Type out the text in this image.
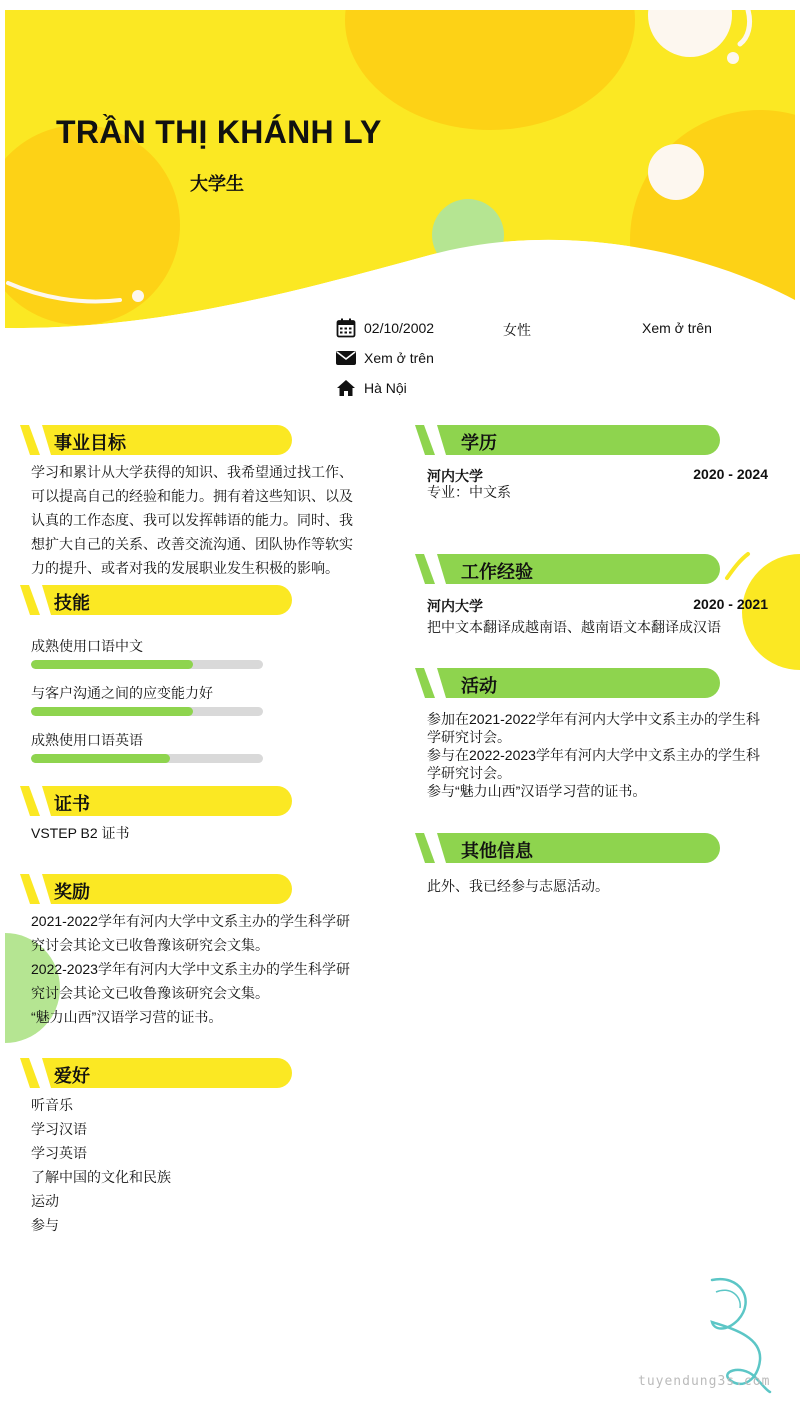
TRẦN THỊ KHÁNH LY
大学生
02/10/2002	女性	Xem ở trên
Xem ở trên
Hà Nội
事业目标
学习和累计从大学获得的知识、我希望通过找工作、
可以提高自己的经验和能力。拥有着这些知识、以及
认真的工作态度、我可以发挥韩语的能力。同时、我
想扩大自己的关系、改善交流沟通、团队协作等软实
力的提升、或者对我的发展职业发生积极的影响。
技能
成熟使用口语中文
与客户沟通之间的应变能力好
成熟使用口语英语
证书
VSTEP B2 证书
奖励
2021-2022学年有河内大学中文系主办的学生科学研
究讨会其论文已收鲁豫该研究会文集。
2022-2023学年有河内大学中文系主办的学生科学研
究讨会其论文已收鲁豫该研究会文集。
“魅力山西”汉语学习营的证书。
爱好
听音乐
学习汉语
学习英语
了解中国的文化和民族
运动
参与
学历
河内大学	2020 - 2024
专业：中文系
工作经验
河内大学	2020 - 2021
把中文本翻译成越南语、越南语文本翻译成汉语
活动
参加在2021-2022学年有河内大学中文系主办的学生科
学研究讨会。
参与在2022-2023学年有河内大学中文系主办的学生科
学研究讨会。
参与“魅力山西”汉语学习营的证书。
其他信息
此外、我已经参与志愿活动。
tuyendung3s.com
